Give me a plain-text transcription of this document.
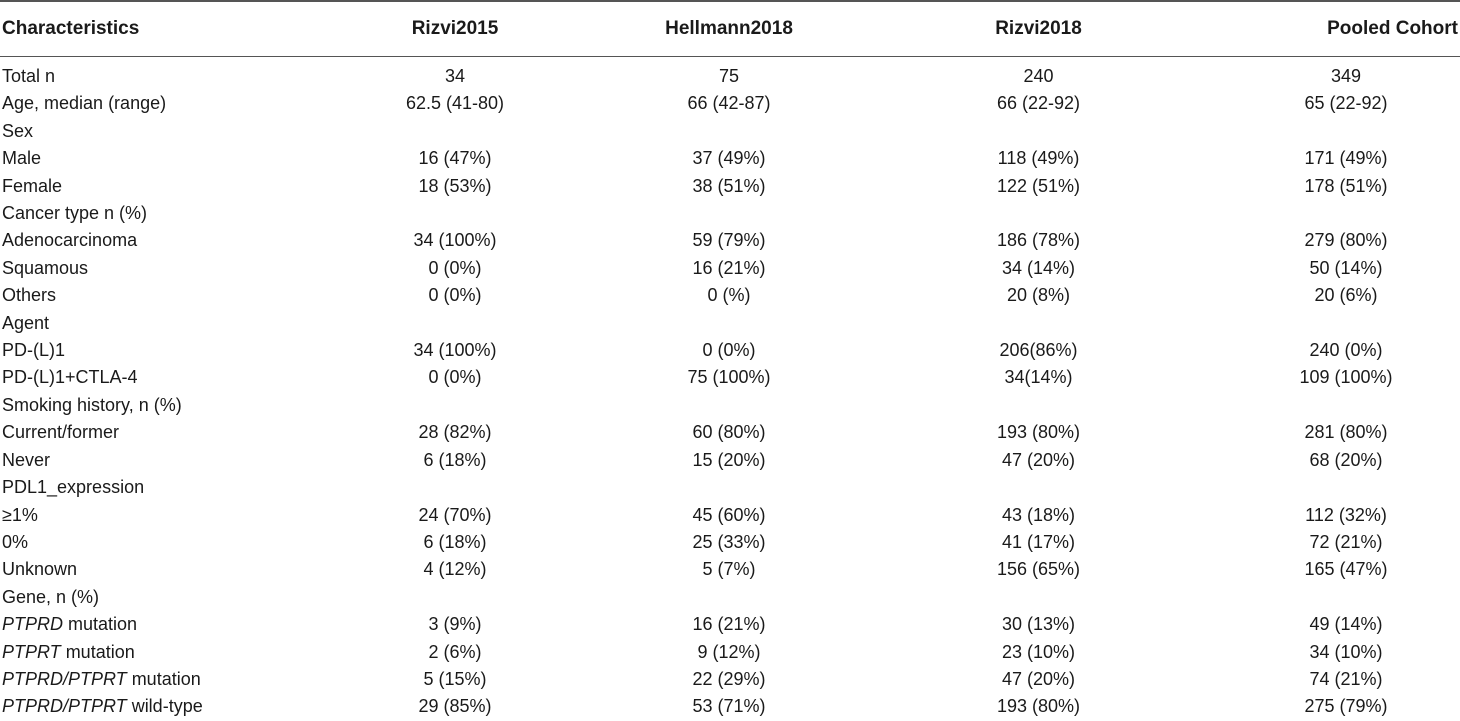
Characteristics	Rizvi2015	Hellmann2018	Rizvi2018	Pooled Cohort

Total n	34	75	240	349
Age, median (range)	62.5 (41-80)	66 (42-87)	66 (22-92)	65 (22-92)
Sex				
Male	16 (47%)	37 (49%)	118 (49%)	171 (49%)
Female	18 (53%)	38 (51%)	122 (51%)	178 (51%)
Cancer type n (%)				
Adenocarcinoma	34 (100%)	59 (79%)	186 (78%)	279 (80%)
Squamous	0 (0%)	16 (21%)	34 (14%)	50 (14%)
Others	0 (0%)	0 (%)	20 (8%)	20 (6%)
Agent				
PD-(L)1	34 (100%)	0 (0%)	206(86%)	240 (0%)
PD-(L)1+CTLA-4	0 (0%)	75 (100%)	34(14%)	109 (100%)
Smoking history, n (%)				
Current/former	28 (82%)	60 (80%)	193 (80%)	281 (80%)
Never	6 (18%)	15 (20%)	47 (20%)	68 (20%)
PDL1_expression				
≥1%	24 (70%)	45 (60%)	43 (18%)	112 (32%)
0%	6 (18%)	25 (33%)	41 (17%)	72 (21%)
Unknown	4 (12%)	5 (7%)	156 (65%)	165 (47%)
Gene, n (%)				
PTPRD mutation	3 (9%)	16 (21%)	30 (13%)	49 (14%)
PTPRT mutation	2 (6%)	9 (12%)	23 (10%)	34 (10%)
PTPRD/PTPRT mutation	5 (15%)	22 (29%)	47 (20%)	74 (21%)
PTPRD/PTPRT wild-type	29 (85%)	53 (71%)	193 (80%)	275 (79%)
